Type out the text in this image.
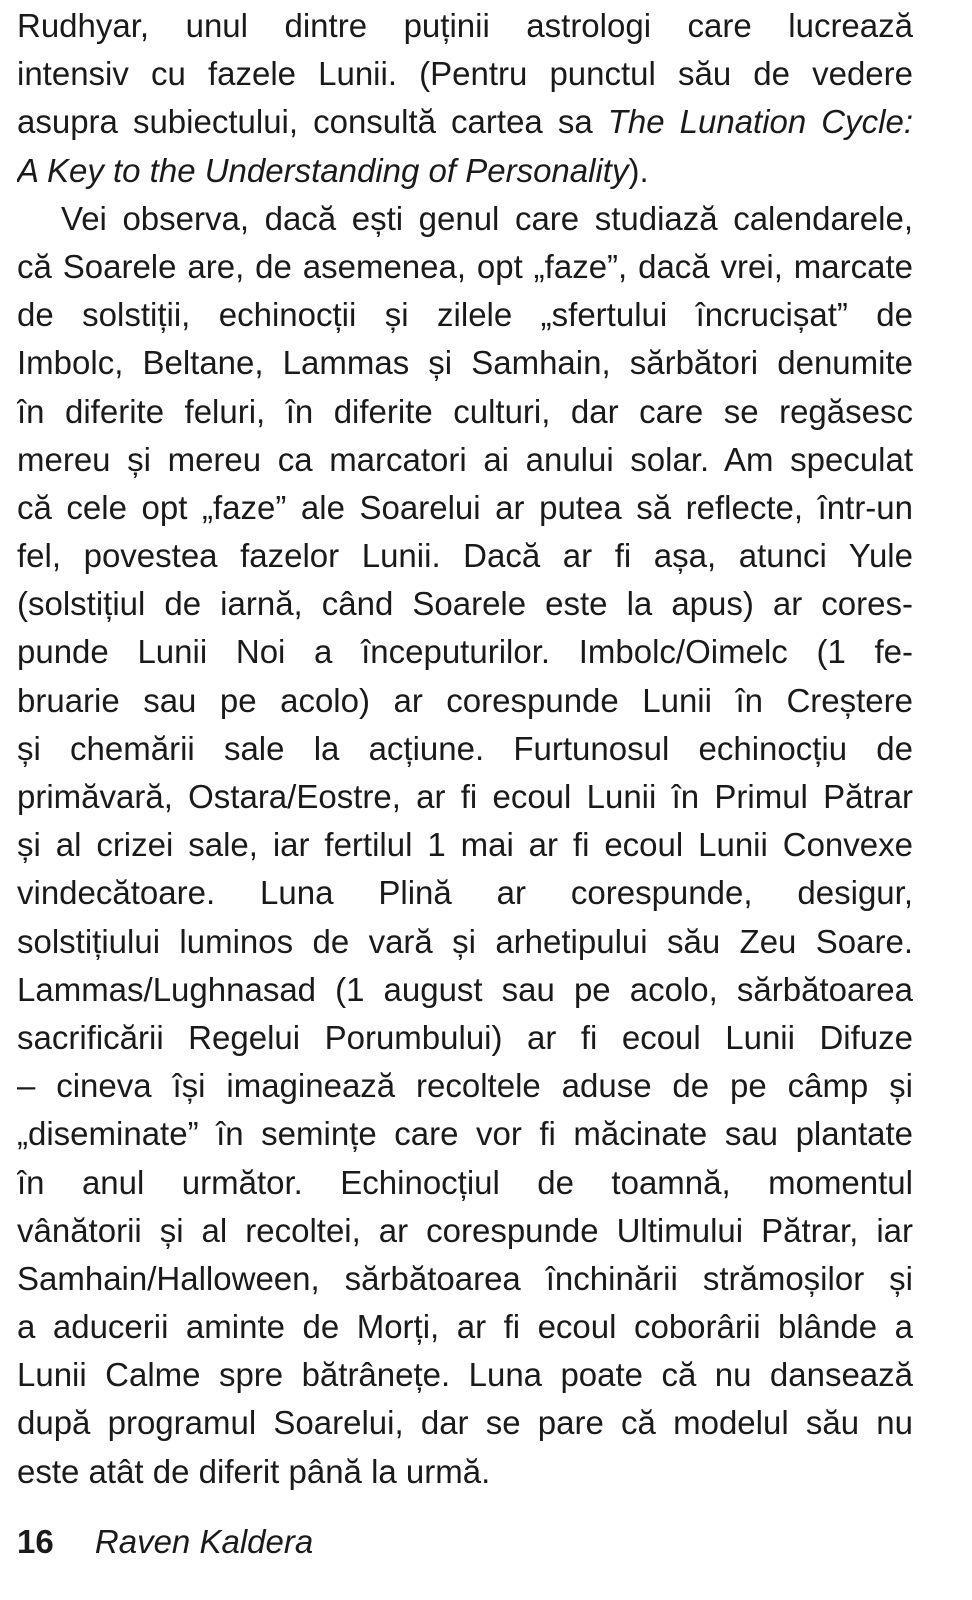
Rudhyar, unul dintre puținii astrologi care lucrează
intensiv cu fazele Lunii. (Pentru punctul său de vedere
asupra subiectului, consultă cartea sa The Lunation Cycle:
A Key to the Understanding of Personality).
Vei observa, dacă ești genul care studiază calendarele,
că Soarele are, de asemenea, opt „faze”, dacă vrei, marcate
de solstiții, echinocții și zilele „sfertului încrucișat” de
Imbolc, Beltane, Lammas și Samhain, sărbători denumite
în diferite feluri, în diferite culturi, dar care se regăsesc
mereu și mereu ca marcatori ai anului solar. Am speculat
că cele opt „faze” ale Soarelui ar putea să reflecte, într-un
fel, povestea fazelor Lunii. Dacă ar fi așa, atunci Yule
(solstițiul de iarnă, când Soarele este la apus) ar cores-
punde Lunii Noi a începuturilor. Imbolc/Oimelc (1 fe-
bruarie sau pe acolo) ar corespunde Lunii în Creștere
și chemării sale la acțiune. Furtunosul echinocțiu de
primăvară, Ostara/Eostre, ar fi ecoul Lunii în Primul Pătrar
și al crizei sale, iar fertilul 1 mai ar fi ecoul Lunii Convexe
vindecătoare. Luna Plină ar corespunde, desigur,
solstițiului luminos de vară și arhetipului său Zeu Soare.
Lammas/Lughnasad (1 august sau pe acolo, sărbătoarea
sacrificării Regelui Porumbului) ar fi ecoul Lunii Difuze
– cineva își imaginează recoltele aduse de pe câmp și
„diseminate” în semințe care vor fi măcinate sau plantate
în anul următor. Echinocțiul de toamnă, momentul
vânătorii și al recoltei, ar corespunde Ultimului Pătrar, iar
Samhain/Halloween, sărbătoarea închinării strămoșilor și
a aducerii aminte de Morți, ar fi ecoul coborârii blânde a
Lunii Calme spre bătrânețe. Luna poate că nu dansează
după programul Soarelui, dar se pare că modelul său nu
este atât de diferit până la urmă.
16 Raven Kaldera
